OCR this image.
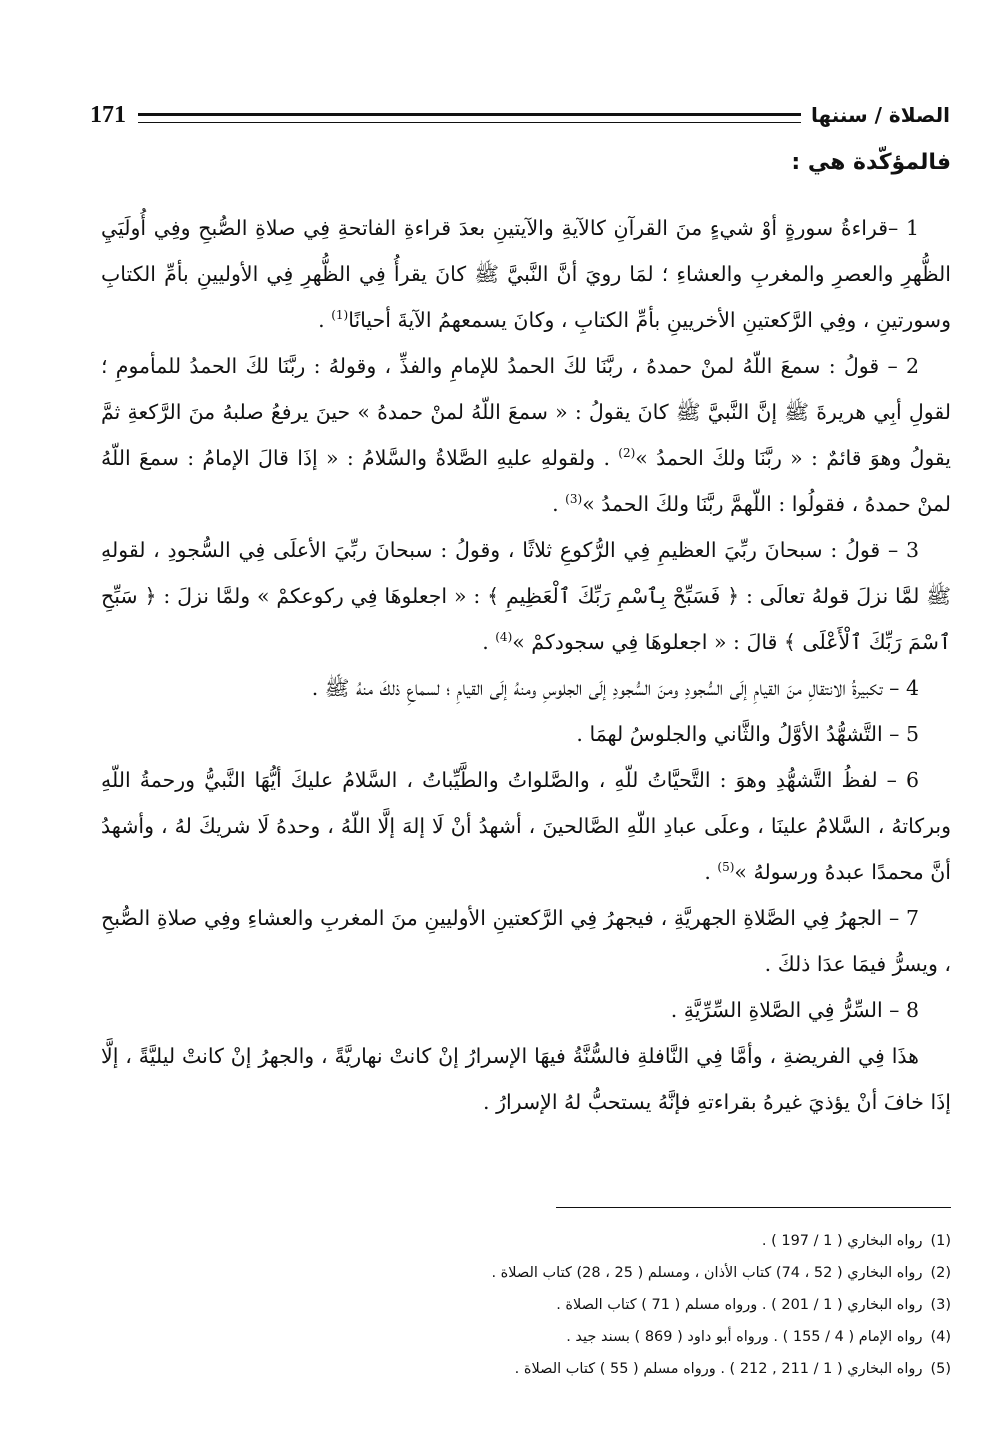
الصلاة / سننها
171
فالمؤكّدة هي :

1 –قراءةُ سورةٍ أوْ شيءٍ منَ القرآنِ كالآيةِ والآيتينِ بعدَ قراءةِ الفاتحةِ فِي صلاةِ الصُّبحِ وفِي أُولَيَيِ الظُّهرِ والعصرِ والمغربِ والعشاءِ ؛ لمَا رويَ أنَّ النَّبيَّ ﷺ كانَ يقرأُ فِي الظُّهرِ فِي الأوليينِ بأمِّ الكتابِ وسورتينِ ، وفِي الرَّكعتينِ الأخريينِ بأمِّ الكتابِ ، وكانَ يسمعهمُ الآيةَ أحيانًا$^{(1)}$ .

2 – قولُ : سمعَ اللّهُ لمنْ حمدهُ ، ربَّنَا لكَ الحمدُ للإمامِ والفذِّ ، وقولهُ : ربَّنَا لكَ الحمدُ للمأمومِ ؛ لقولِ أبِي هريرةَ ﷺ إنَّ النَّبيَّ ﷺ كانَ يقولُ : « سمعَ اللّهُ لمنْ حمدهُ » حينَ يرفعُ صلبهُ منَ الرَّكعةِ ثمَّ يقولُ وهوَ قائمٌ : « ربَّنَا ولكَ الحمدُ »$^{(2)}$ . ولقولهِ عليهِ الصَّلاةُ والسَّلامُ : « إذَا قالَ الإمامُ : سمعَ اللّهُ لمنْ حمدهُ ، فقولُوا : اللّهمَّ ربَّنَا ولكَ الحمدُ »$^{(3)}$ .

3 – قولُ : سبحانَ ربِّيَ العظيمِ فِي الرُّكوعِ ثلاثًا ، وقولُ : سبحانَ ربِّيَ الأعلَى فِي السُّجودِ ، لقولهِ ﷺ لمَّا نزلَ قولهُ تعالَى : ﴿ فَسَبِّحْ بِٱسْمِ رَبِّكَ ٱلْعَظِيمِ ﴾ : « اجعلوهَا فِي ركوعكمْ » ولمَّا نزلَ : ﴿ سَبِّحِ ٱسْمَ رَبِّكَ ٱلْأَعْلَى ﴾ قالَ : « اجعلوهَا فِي سجودكمْ »$^{(4)}$ .

4 – تكبيرةُ الانتقالِ منَ القيامِ إلَى السُّجودِ ومنَ السُّجودِ إلَى الجلوسِ ومنهُ إلَى القيامِ ؛ لسماعِ ذلكَ منهُ ﷺ .

5 – التَّشهُّدُ الأوَّلُ والثَّاني والجلوسُ لهمَا .

6 – لفظُ التَّشهُّدِ وهوَ : التَّحيَّاتُ للّهِ ، والصَّلواتُ والطَّيِّباتُ ، السَّلامُ عليكَ أيُّهَا النَّبيُّ ورحمةُ اللّهِ وبركاتهُ ، السَّلامُ علينَا ، وعلَى عبادِ اللّهِ الصَّالحينَ ، أشهدُ أنْ لَا إلهَ إلَّا اللّهُ ، وحدهُ لَا شريكَ لهُ ، وأشهدُ أنَّ محمدًا عبدهُ ورسولهُ »$^{(5)}$ .

7 – الجهرُ فِي الصَّلاةِ الجهريَّةِ ، فيجهرُ فِي الرَّكعتينِ الأوليينِ منَ المغربِ والعشاءِ وفِي صلاةِ الصُّبحِ ، ويسرُّ فيمَا عدَا ذلكَ .

8 – السِّرُّ فِي الصَّلاةِ السِّرِّيَّةِ .

هذَا فِي الفريضةِ ، وأمَّا فِي النَّافلةِ فالسُّنَّةُ فيهَا الإسرارُ إنْ كانتْ نهاريَّةً ، والجهرُ إنْ كانتْ ليليَّةً ، إلَّا إذَا خافَ أنْ يؤذيَ غيرهُ بقراءتهِ فإنَّهُ يستحبُّ لهُ الإسرارُ .

(1)رواه البخاري ( 1 / 197 ) .

(2)رواه البخاري ( 52 ، 74) كتاب الأذان ، ومسلم ( 25 ، 28) كتاب الصلاة .

(3)رواه البخاري ( 1 / 201 ) . ورواه مسلم ( 71 ) كتاب الصلاة .

(4)رواه الإمام ( 4 / 155 ) . ورواه أبو داود ( 869 ) بسند جيد .

(5)رواه البخاري ( 1 / 211 , 212 ) . ورواه مسلم ( 55 ) كتاب الصلاة .
